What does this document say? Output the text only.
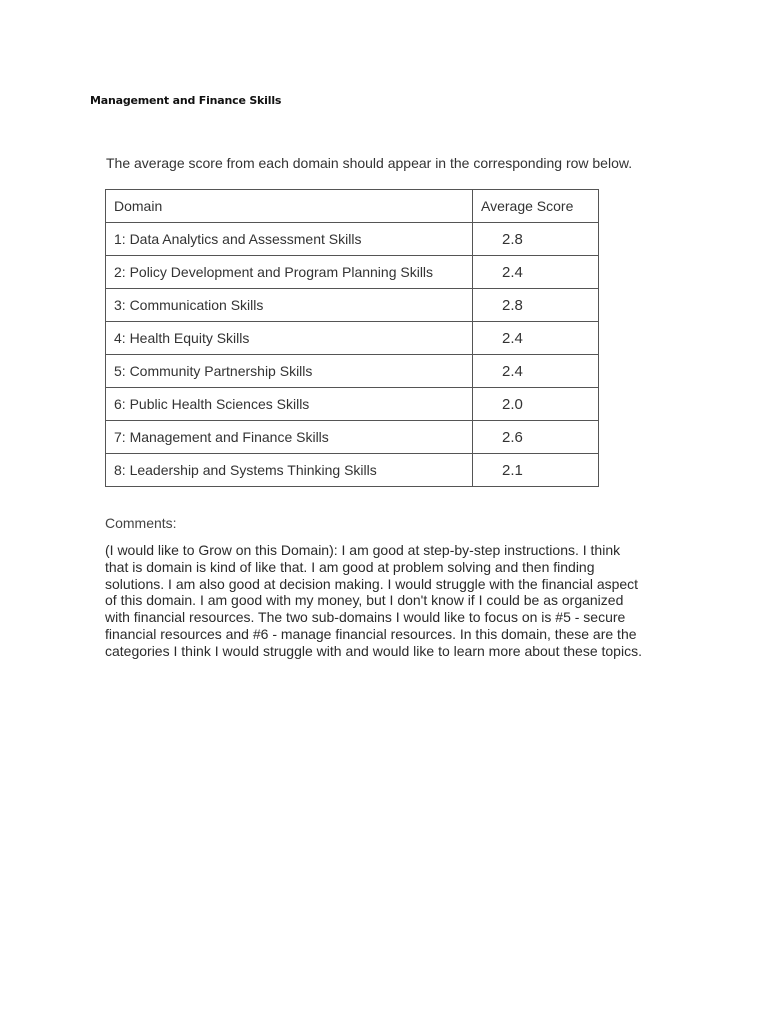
Management and Finance Skills
The average score from each domain should appear in the corresponding row below.
Domain	Average Score
1: Data Analytics and Assessment Skills	2.8
2: Policy Development and Program Planning Skills	2.4
3: Communication Skills	2.8
4: Health Equity Skills	2.4
5: Community Partnership Skills	2.4
6: Public Health Sciences Skills	2.0
7: Management and Finance Skills	2.6
8: Leadership and Systems Thinking Skills	2.1
Comments:
(I would like to Grow on this Domain): I am good at step-by-step instructions. I think
that is domain is kind of like that. I am good at problem solving and then finding
solutions. I am also good at decision making. I would struggle with the financial aspect
of this domain. I am good with my money, but I don't know if I could be as organized
with financial resources. The two sub-domains I would like to focus on is #5 - secure
financial resources and #6 - manage financial resources. In this domain, these are the
categories I think I would struggle with and would like to learn more about these topics.
